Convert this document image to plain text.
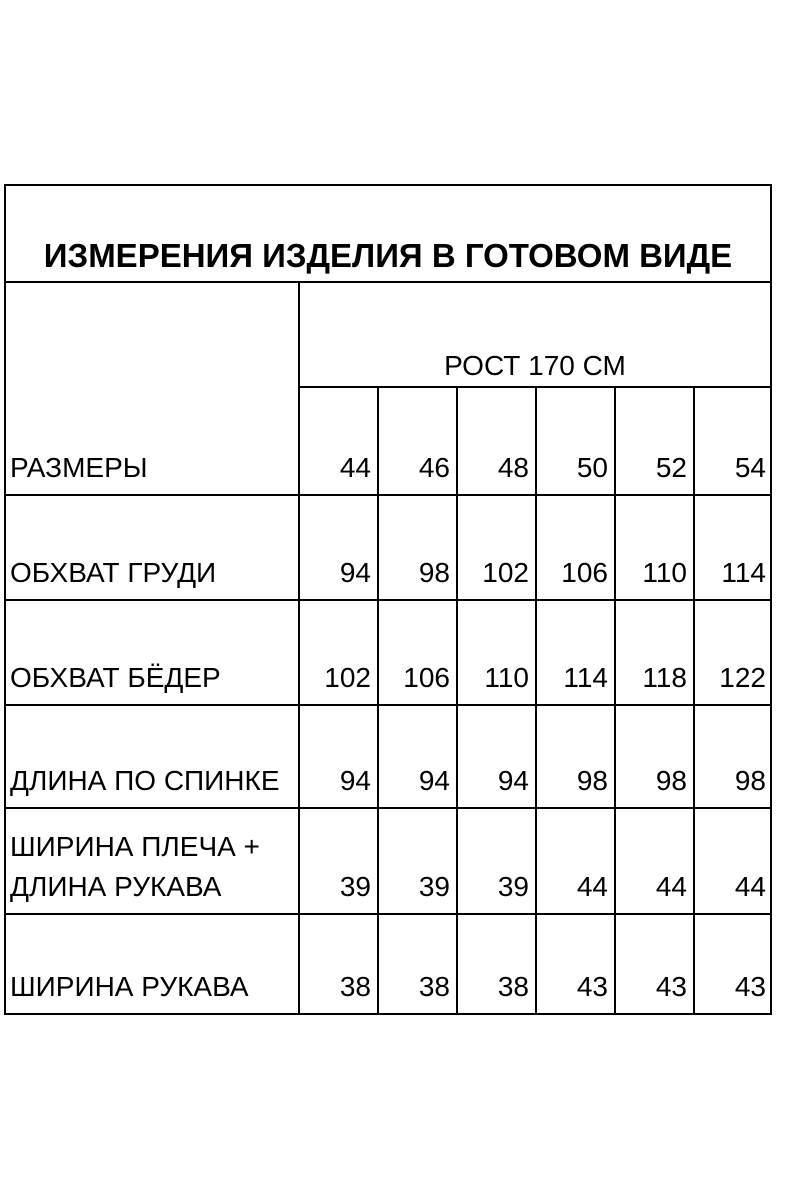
ИЗМЕРЕНИЯ ИЗДЕЛИЯ В ГОТОВОМ ВИДЕ
РОСТ 170 СМ
РАЗМЕРЫ	44	46	48	50	52	54
ОБХВАТ ГРУДИ	94	98	102	106	110	114
ОБХВАТ БЁДЕР	102	106	110	114	118	122
ДЛИНА ПО СПИНКЕ	94	94	94	98	98	98
ШИРИНА ПЛЕЧА +
ДЛИНА РУКАВА	39	39	39	44	44	44
ШИРИНА РУКАВА	38	38	38	43	43	43
